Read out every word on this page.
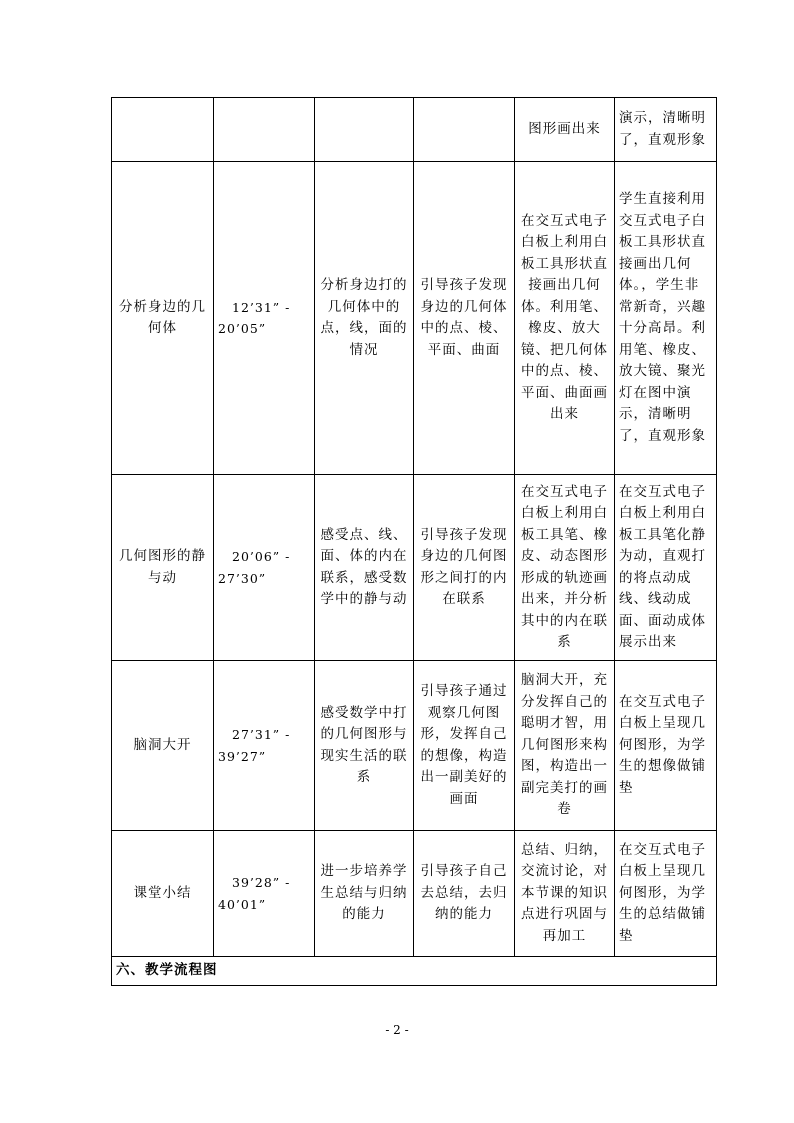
			图形画出来	演示，清晰明了，直观形象
分析身边的几何体	12’31” -
20’05”	分析身边打的几何体中的点，线，面的情况	引导孩子发现身边的几何体中的点、棱、平面、曲面	在交互式电子白板上利用白板工具形状直接画出几何体。利用笔、橡皮、放大镜、把几何体中的点、棱、平面、曲面画出来	学生直接利用交互式电子白板工具形状直接画出几何体。，学生非常新奇，兴趣十分高昂。利用笔、橡皮、放大镜、聚光灯在图中演示，清晰明了，直观形象
几何图形的静与动	20’06” -
27’30”	感受点、线、面、体的内在联系，感受数学中的静与动	引导孩子发现身边的几何图形之间打的内在联系	在交互式电子白板上利用白板工具笔、橡皮、动态图形形成的轨迹画出来，并分析其中的内在联系	在交互式电子白板上利用白板工具笔化静为动，直观打的将点动成线、线动成面、面动成体展示出来
脑洞大开	27’31” -
39’27”	感受数学中打的几何图形与现实生活的联系	引导孩子通过观察几何图形，发挥自己的想像，构造出一副美好的画面	脑洞大开，充分发挥自己的聪明才智，用几何图形来构图，构造出一副完美打的画卷	在交互式电子白板上呈现几何图形，为学生的想像做铺垫
课堂小结	39’28” -
40’01”	进一步培养学生总结与归纳的能力	引导孩子自己去总结，去归纳的能力	总结、归纳，交流讨论，对本节课的知识点进行巩固与再加工	在交互式电子白板上呈现几何图形，为学生的总结做铺垫
六、教学流程图					
- 2 -
